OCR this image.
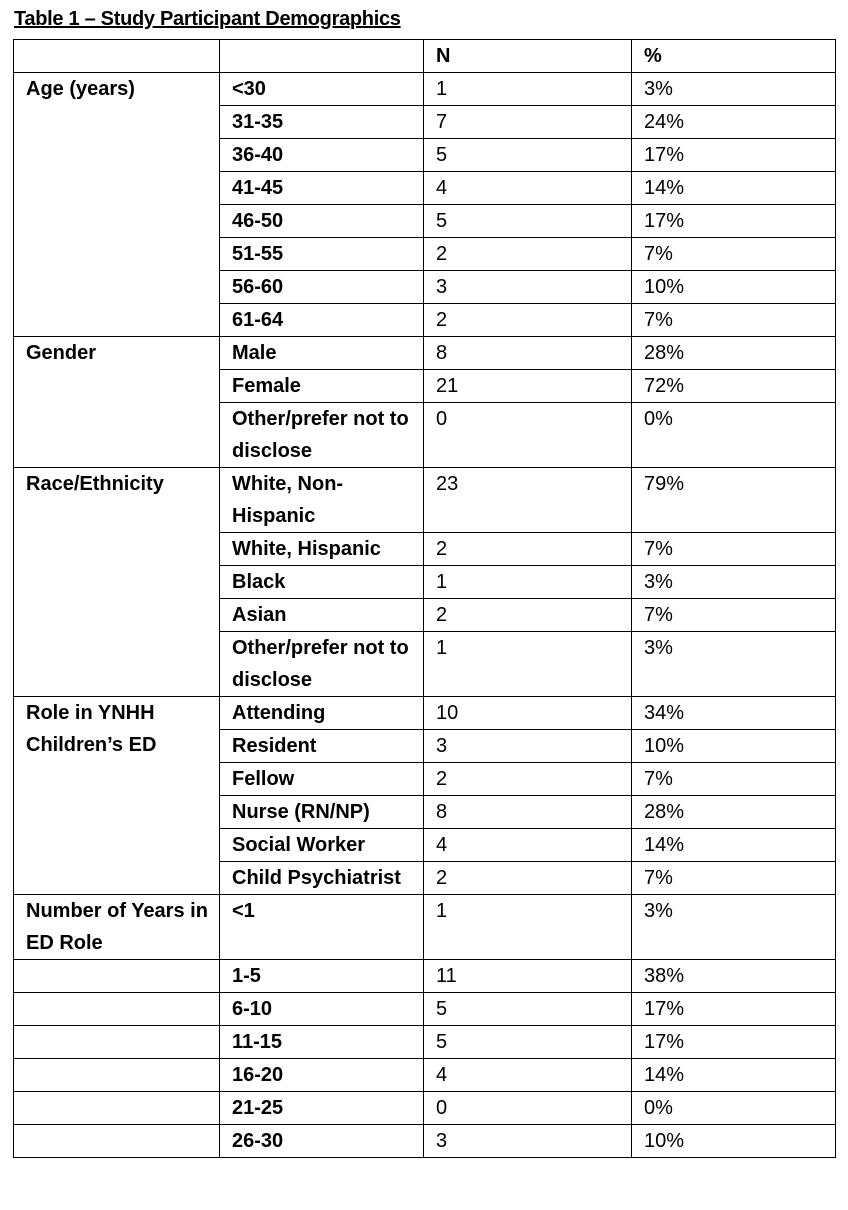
Table 1 – Study Participant Demographics
		N	%
Age (years)	<30	1	3%
	31-35	7	24%
	36-40	5	17%
	41-45	4	14%
	46-50	5	17%
	51-55	2	7%
	56-60	3	10%
	61-64	2	7%
Gender	Male	8	28%
	Female	21	72%
	Other/prefer not to disclose	0	0%
Race/Ethnicity	White, Non-Hispanic	23	79%
	White, Hispanic	2	7%
	Black	1	3%
	Asian	2	7%
	Other/prefer not to disclose	1	3%
Role in YNHH Children’s ED	Attending	10	34%
	Resident	3	10%
	Fellow	2	7%
	Nurse (RN/NP)	8	28%
	Social Worker	4	14%
	Child Psychiatrist	2	7%
Number of Years in ED Role	<1	1	3%
	1-5	11	38%
	6-10	5	17%
	11-15	5	17%
	16-20	4	14%
	21-25	0	0%
	26-30	3	10%
